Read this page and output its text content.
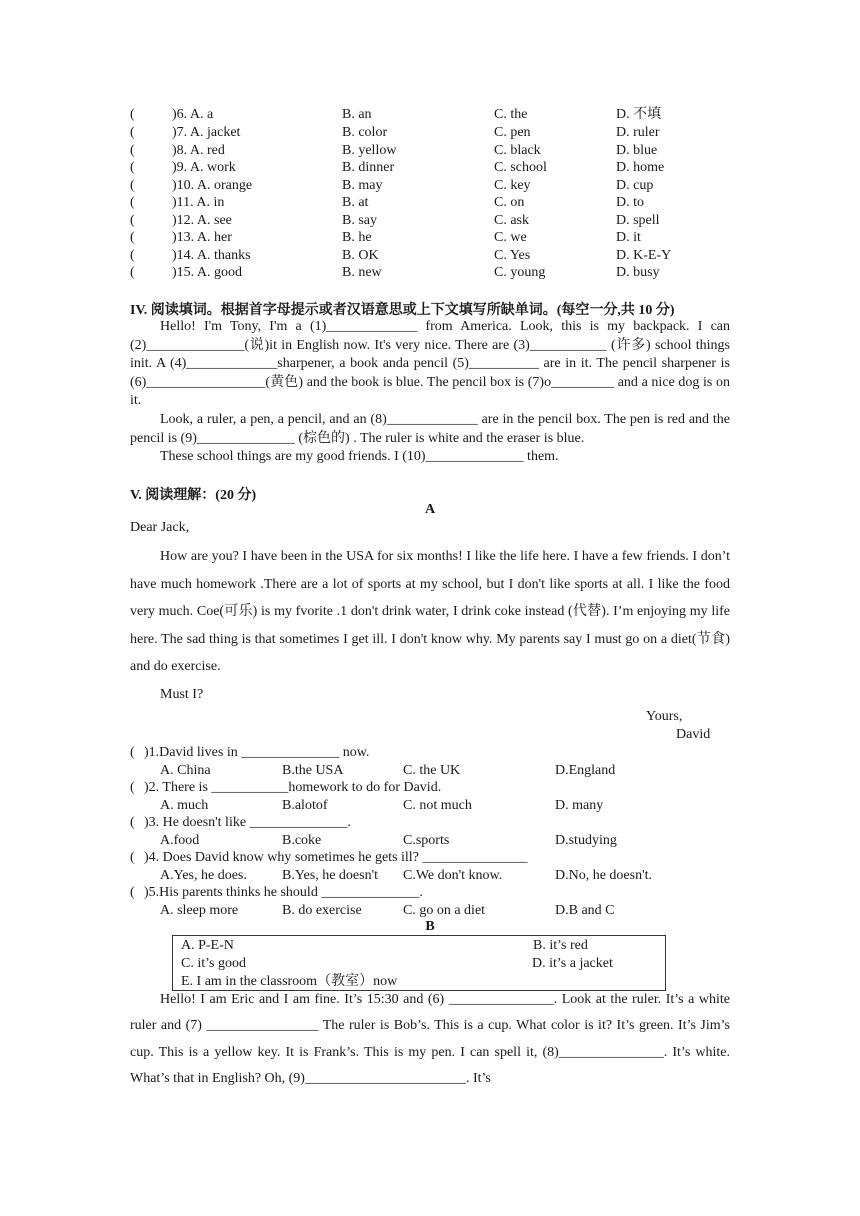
(	)6. A. a	B. an	C. the	D. 不填
(	)7. A. jacket	B. color	C. pen	D. ruler
(	)8. A. red	B. yellow	C. black	D. blue
(	)9. A. work	B. dinner	C. school	D. home
(	)10. A. orange	B. may	C. key	D. cup
(	)11. A. in	B. at	C. on	D. to
(	)12. A. see	B. say	C. ask	D. spell
(	)13. A. her	B. he	C. we	D. it
(	)14. A. thanks	B. OK	C. Yes	D. K-E-Y
(	)15. A. good	B. new	C. young	D. busy
IV. 阅读填词。根据首字母提示或者汉语意思或上下文填写所缺单词。(每空一分,共 10 分)

Hello! I'm Tony, I'm a (1)_____________ from America. Look, this is my backpack. I can (2)______________(说)it in English now. It's very nice. There are (3)___________ (许多) school things init. A (4)_____________sharpener, a book anda pencil (5)__________ are in it. The pencil sharpener is (6)_________________(黄色) and the book is blue. The pencil box is (7)o_________ and a nice dog is on it.

Look, a ruler, a pen, a pencil, and an (8)_____________ are in the pencil box. The pen is red and the pencil is (9)______________ (棕色的) . The ruler is white and the eraser is blue.

These school things are my good friends. I (10)______________ them.

V. 阅读理解：(20 分)
A
Dear Jack,

How are you? I have been in the USA for six months! I like the life here. I have a few friends. I don’t have much homework .There are a lot of sports at my school, but I don't like sports at all. I like the food very much. Coe(可乐) is my fvorite .1 don't drink water, I drink coke instead (代替). I’m enjoying my life here. The sad thing is that sometimes I get ill. I don't know why. My parents say I must go on a diet(节食) and do exercise.

Must I?

Yours,
David
( )1.David lives in ______________ now.
A. China	B.the USA	C. the UK	D.England
( )2. There is ___________homework to do for David.
A. much	B.alotof	C. not much	D. many
( )3. He doesn't like ______________.
A.food	B.coke	C.sports	D.studying
( )4. Does David know why sometimes he gets ill? _______________
A.Yes, he does.	B.Yes, he doesn't C.We don't know.	D.No, he doesn't.
( )5.His parents thinks he should ______________.
A. sleep more	B. do exercise	C. go on a diet	D.B and C
B
A. P-E-N	B. it’s red
C. it’s good	D. it’s a jacket
E. I am in the classroom（教室）now

Hello! I am Eric and I am fine. It’s 15:30 and (6) _______________. Look at the ruler. It’s a white ruler and (7) ________________ The ruler is Bob’s. This is a cup. What color is it? It’s green. It’s Jim’s cup. This is a yellow key. It is Frank’s. This is my pen. I can spell it, (8)_______________. It’s white. What’s that in English? Oh, (9)_______________________. It’s
